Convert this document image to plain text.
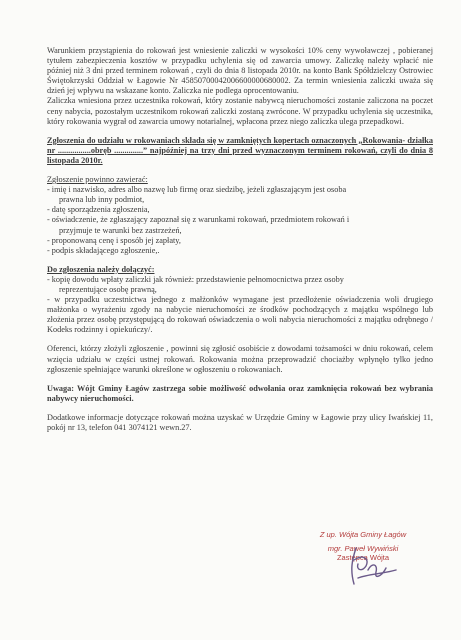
Warunkiem przystąpienia do rokowań jest wniesienie zaliczki w wysokości 10% ceny wywoławczej , pobieranej tytułem zabezpieczenia kosztów w przypadku uchylenia się od zawarcia umowy. Zaliczkę należy wpłacić nie później niż 3 dni przed terminem rokowań , czyli do dnia 8 listopada 2010r. na konto Bank Spółdzielczy Ostrowiec Świętokrzyski Oddział w Łagowie Nr 45850700042006600000680002. Za termin wniesienia zaliczki uważa się dzień jej wpływu na wskazane konto. Zaliczka nie podlega oprocentowaniu.

Zaliczka wniesiona przez uczestnika rokowań, który zostanie nabywcą nieruchomości zostanie zaliczona na poczet ceny nabycia, pozostałym uczestnikom rokowań zaliczki zostaną zwrócone. W przypadku uchylenia się uczestnika, który rokowania wygrał od zawarcia umowy notarialnej, wpłacona przez niego zaliczka ulega przepadkowi.

Zgłoszenia do udziału w rokowaniach składa się w zamkniętych kopertach oznaczonych „Rokowania- działka nr ................obręb ..............” najpóźniej na trzy dni przed wyznaczonym terminem rokowań, czyli do dnia 8 listopada 2010r.

Zgłoszenie powinno zawierać:

- imię i nazwisko, adres albo nazwę lub firmę oraz siedzibę, jeżeli zgłaszającym jest osoba
prawna lub inny podmiot,
- datę sporządzenia zgłoszenia,
- oświadczenie, że zgłaszający zapoznał się z warunkami rokowań, przedmiotem rokowań i
przyjmuje te warunki bez zastrzeżeń,
- proponowaną cenę i sposób jej zapłaty,
- podpis składającego zgłoszenie,.

Do zgłoszenia należy dołączyć:

- kopię dowodu wpłaty zaliczki jak również: przedstawienie pełnomocnictwa przez osoby
reprezentujące osobę prawną,
- w przypadku uczestnictwa jednego z małżonków wymagane jest przedłożenie oświadczenia woli drugiego małżonka o wyrażeniu zgody na nabycie nieruchomości ze środków pochodzących z majątku wspólnego lub złożenia przez osobę przystępującą do rokowań oświadczenia o woli nabycia nieruchomości z majątku odrębnego / Kodeks rodzinny i opiekuńczy/.

Oferenci, którzy złożyli zgłoszenie , powinni się zgłosić osobiście z dowodami tożsamości w dniu rokowań, celem wzięcia udziału w części ustnej rokowań. Rokowania można przeprowadzić chociażby wpłynęło tylko jedno zgłoszenie spełniające warunki określone w ogłoszeniu o rokowaniach.

Uwaga: Wójt Gminy Łagów zastrzega sobie możliwość odwołania oraz zamknięcia rokowań bez wybrania nabywcy nieruchomości.

Dodatkowe informacje dotyczące rokowań można uzyskać w Urzędzie Gminy w Łagowie przy ulicy Iwańskiej 11, pokój nr 13, telefon 041 3074121 wewn.27.

Z up. Wójta Gminy Łagów
mgr. Paweł Wywiński
Zastępca Wójta
